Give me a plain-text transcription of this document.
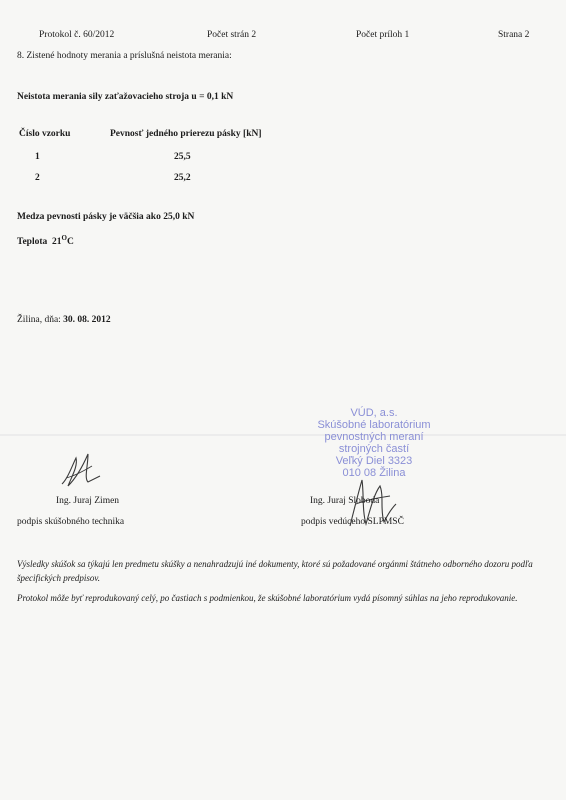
Protokol č. 60/2012	Počet strán 2	Počet príloh 1	Strana 2
8. Zistené hodnoty merania a príslušná neistota merania:
Neistota merania sily zaťažovacieho stroja u = 0,1 kN
Číslo vzorku	Pevnosť jedného prierezu pásky [kN]
1	25,5
2	25,2
Medza pevnosti pásky je väčšia ako 25,0 kN
Teplota $21^OC$
Žilina, dňa: 30. 08. 2012
VÚD, a.s.
Skúšobné laboratórium
pevnostných meraní
strojných častí
Veľký Diel 3323
010 08 Žilina
Ing. Juraj Zimen
podpis skúšobného technika
Ing. Juraj Sloboda
podpis vedúceho SLPMSČ
Výsledky skúšok sa týkajú len predmetu skúšky a nenahradzujú iné dokumenty, ktoré sú požadované orgánmi štátneho odborného dozoru podľa špecifických predpisov.
Protokol môže byť reprodukovaný celý, po častiach s podmienkou, že skúšobné laboratórium vydá písomný súhlas na jeho reprodukovanie.
